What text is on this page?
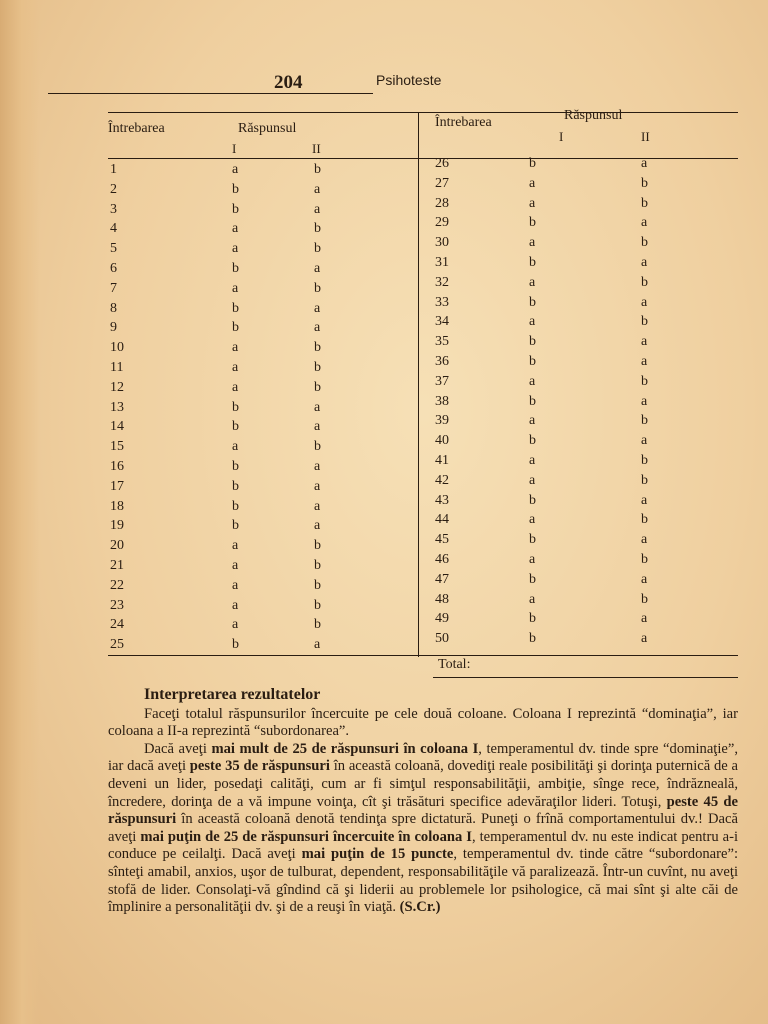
204	Psihoteste
Întrebarea	Răspunsul
I	II
Întrebarea	Răspunsul
I	II
1	a	b
2	b	a
3	b	a
4	a	b
5	a	b
6	b	a
7	a	b
8	b	a
9	b	a
10	a	b
11	a	b
12	a	b
13	b	a
14	b	a
15	a	b
16	b	a
17	b	a
18	b	a
19	b	a
20	a	b
21	a	b
22	a	b
23	a	b
24	a	b
25	b	a
26	b	a
27	a	b
28	a	b
29	b	a
30	a	b
31	b	a
32	a	b
33	b	a
34	a	b
35	b	a
36	b	a
37	a	b
38	b	a
39	a	b
40	b	a
41	a	b
42	a	b
43	b	a
44	a	b
45	b	a
46	a	b
47	b	a
48	a	b
49	b	a
50	b	a
Total:
Interpretarea rezultatelor

Faceţi totalul răspunsurilor încercuite pe cele două coloane. Coloana I reprezintă “dominaţia”, iar coloana a II-a reprezintă “subordonarea”.

Dacă aveţi mai mult de 25 de răspunsuri în coloana I, temperamentul dv. tinde spre “dominaţie”, iar dacă aveţi peste 35 de răspunsuri în această coloană, dovediţi reale posibilităţi şi dorinţa puternică de a deveni un lider, posedaţi calităţi, cum ar fi simţul responsabilităţii, ambiţie, sînge rece, îndrăzneală, încredere, dorinţa de a vă impune voinţa, cît şi trăsături specifice adevăraţilor lideri. Totuşi, peste 45 de răspunsuri în această coloană denotă tendinţa spre dictatură. Puneţi o frînă comportamentului dv.! Dacă aveţi mai puţin de 25 de răspunsuri încercuite în coloana I, temperamentul dv. nu este indicat pentru a-i conduce pe ceilalţi. Dacă aveţi mai puţin de 15 puncte, temperamentul dv. tinde către “subordonare”: sînteţi amabil, anxios, uşor de tulburat, dependent, responsabilităţile vă paralizează. Într-un cuvînt, nu aveţi stofă de lider. Consolaţi-vă gîndind că şi liderii au problemele lor psihologice, că mai sînt şi alte căi de împlinire a personalităţii dv. şi de a reuşi în viaţă. (S.Cr.)
